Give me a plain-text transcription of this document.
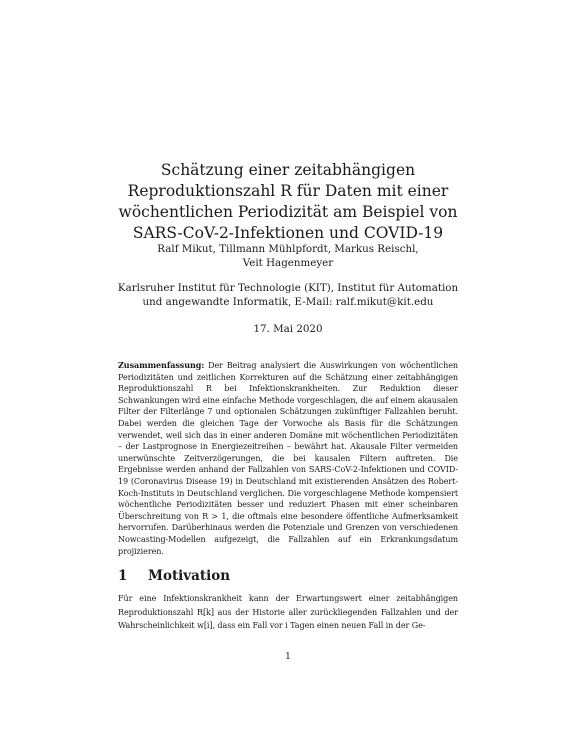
Schätzung einer zeitabhängigen
Reproduktionszahl R für Daten mit einer
wöchentlichen Periodizität am Beispiel von
SARS-CoV-2-Infektionen und COVID-19
Ralf Mikut, Tillmann Mühlpfordt, Markus Reischl,
Veit Hagenmeyer
Karlsruher Institut für Technologie (KIT), Institut für Automation
und angewandte Informatik, E-Mail: ralf.mikut@kit.edu
17. Mai 2020

Zusammenfassung: Der Beitrag analysiert die Auswirkungen von wöchentlichen Periodizitäten und zeitlichen Korrekturen auf die Schätzung einer zeitabhängigen Reproduktionszahl R bei Infektionskrankheiten. Zur Reduktion dieser Schwankungen wird eine einfache Methode vorgeschlagen, die auf einem akausalen Filter der Filterlänge 7 und optionalen Schätzungen zukünftiger Fallzahlen beruht. Dabei werden die gleichen Tage der Vorwoche als Basis für die Schätzungen verwendet, weil sich das in einer anderen Domäne mit wöchentlichen Periodizitäten – der Lastprognose in Energiezeitreihen – bewährt hat. Akausale Filter vermeiden unerwünschte Zeitverzögerungen, die bei kausalen Filtern auftreten. Die Ergebnisse werden anhand der Fallzahlen von SARS-CoV-2-Infektionen und COVID-19 (Coronavirus Disease 19) in Deutschland mit existierenden Ansätzen des Robert-Koch-Instituts in Deutschland verglichen. Die vorgeschlagene Methode kompensiert wöchentliche Periodizitäten besser und reduziert Phasen mit einer scheinbaren Überschreitung von R > 1, die oftmals eine besondere öffentliche Aufmerksamkeit hervorrufen. Darüberhinaus werden die Potenziale und Grenzen von verschiedenen Nowcasting-Modellen aufgezeigt, die Fallzahlen auf ein Erkrankungsdatum projizieren.

1 Motivation

Für eine Infektionskrankheit kann der Erwartungswert einer zeitabhängigen Reproduktionszahl R[k] aus der Historie aller zurückliegenden Fallzahlen und der Wahrscheinlichkeit w[i], dass ein Fall vor i Tagen einen neuen Fall in der Ge-

1
